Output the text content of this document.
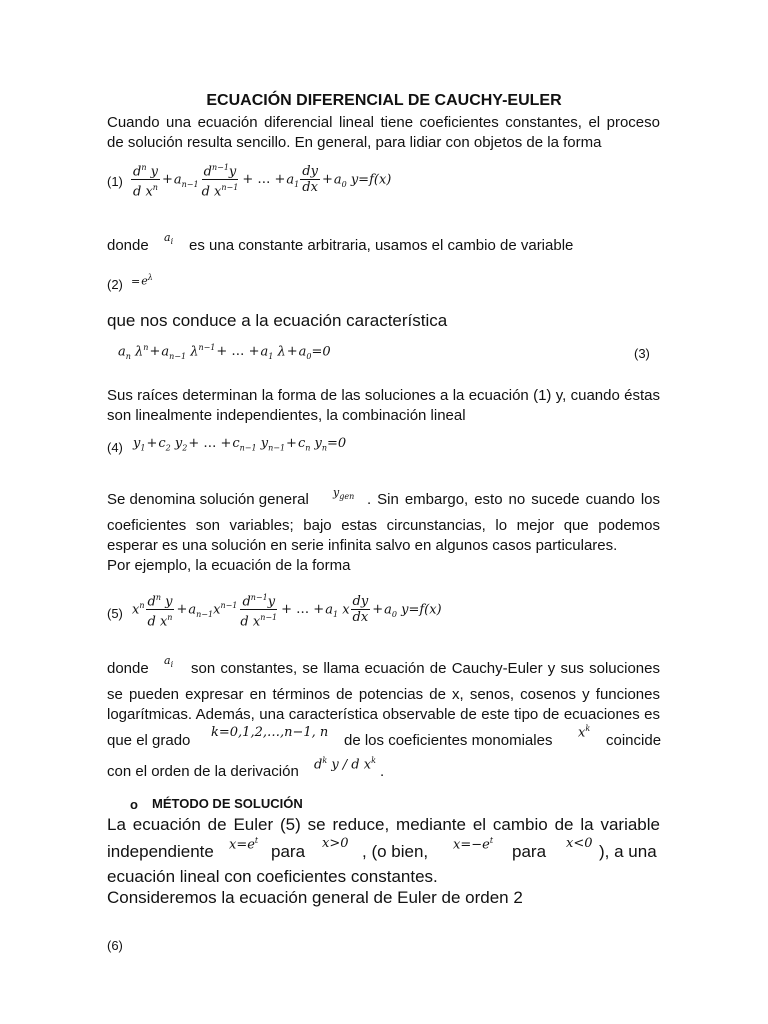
ECUACIÓN DIFERENCIAL DE CAUCHY-EULER
Cuando una ecuación diferencial lineal tiene coeficientes constantes, el proceso
de solución resulta sencillo. En general, para lidiar con objetos de la forma
$(1) \frac{d^n y}{d x^n} +a_{n-1} \frac{d^{n-1}y}{d x^{n-1}}$ + … $+a_1 \frac{dy}{dx} +a_0$ y=f(x)
donde $a_i$ es una constante arbitraria, usamos el cambio de variable
$(2) =e^\lambda$
que nos conduce a la ecuación característica
$a_n$ $\lambda^n+a_{n-1}$ $\lambda^{n-1}+$ … $+a_1$ $\lambda+a_0=0$	(3)
Sus raíces determinan la forma de las soluciones a la ecuación (1) y, cuando éstas
son linealmente independientes, la combinación lineal
(4) $y_1+c_2$ $y_2+$ … $+c_{n-1}$ $y_{n-1}+c_n$ $y_n=0$
Se denomina solución general $y_{gen}$ . Sin embargo, esto no sucede cuando los
coeficientes son variables; bajo estas circunstancias, lo mejor que podemos
esperar es una solución en serie infinita salvo en algunos casos particulares.
Por ejemplo, la ecuación de la forma
(5) $x^n \frac{d^n y}{d x^n} +a_{n-1}x^{n-1} \frac{d^{n-1}y}{d x^{n-1}}$ + … $+a_1$ x $\frac{dy}{dx} +a_0$ y=f(x)
donde $a_i$ son constantes, se llama ecuación de Cauchy-Euler y sus soluciones
se pueden expresar en términos de potencias de x, senos, cosenos y funciones
logarítmicas. Además, una característica observable de este tipo de ecuaciones es
que el grado k=0,1,2,…,n−1, n de los coeficientes monomiales $x^k$
coincide
con el orden de la derivación $d^k$ y / d $x^k$
.
o MÉTODO DE SOLUCIÓN
La ecuación de Euler (5) se reduce, mediante el cambio de la variable
independiente $x=e^t$
para x>0 , (o bien, $x=-e^t$
para x<0 ), a una
ecuación lineal con coeficientes constantes.
Consideremos la ecuación general de Euler de orden 2
(6)
